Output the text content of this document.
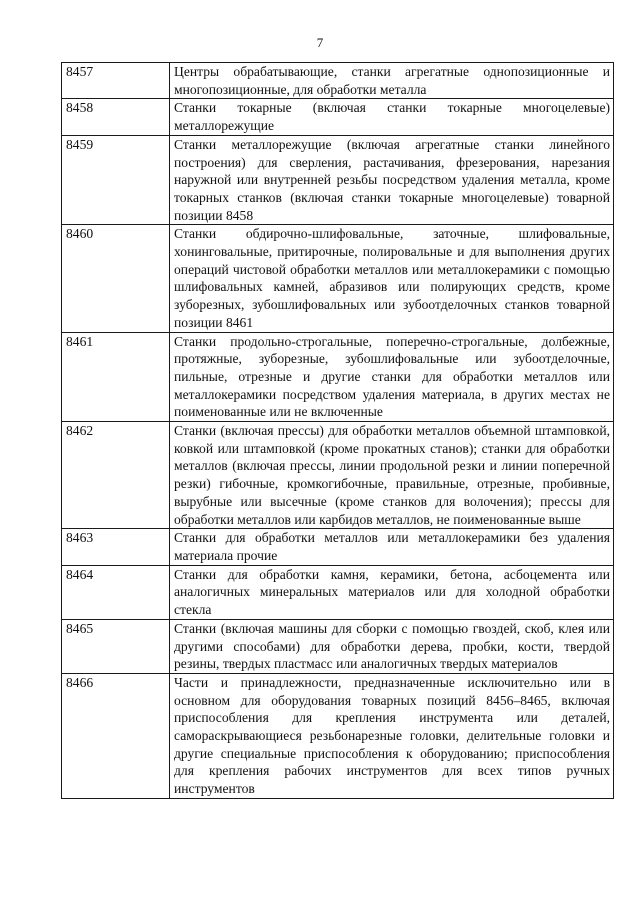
7
8457	Центры обрабатывающие, станки агрегатные однопозиционные и многопозиционные, для обработки металла
8458	Станки токарные (включая станки токарные многоцелевые) металлорежущие
8459	Станки металлорежущие (включая агрегатные станки линейного построения) для сверления, растачивания, фрезерования, нарезания наружной или внутренней резьбы посредством удаления металла, кроме токарных станков (включая станки токарные многоцелевые) товарной позиции 8458
8460	Станки обдирочно-шлифовальные, заточные, шлифовальные, хонинговальные, притирочные, полировальные и для выполнения других операций чистовой обработки металлов или металлокерамики с помощью шлифовальных камней, абразивов или полирующих средств, кроме зуборезных, зубошлифовальных или зубоотделочных станков товарной позиции 8461
8461	Станки продольно-строгальные, поперечно-строгальные, долбежные, протяжные, зуборезные, зубошлифовальные или зубоотделочные, пильные, отрезные и другие станки для обработки металлов или металлокерамики посредством удаления материала, в других местах не поименованные или не включенные
8462	Станки (включая прессы) для обработки металлов объемной штамповкой, ковкой или штамповкой (кроме прокатных станов); станки для обработки металлов (включая прессы, линии продольной резки и линии поперечной резки) гибочные, кромкогибочные, правильные, отрезные, пробивные, вырубные или высечные (кроме станков для волочения); прессы для обработки металлов или карбидов металлов, не поименованные выше
8463	Станки для обработки металлов или металлокерамики без удаления материала прочие
8464	Станки для обработки камня, керамики, бетона, асбоцемента или аналогичных минеральных материалов или для холодной обработки стекла
8465	Станки (включая машины для сборки с помощью гвоздей, скоб, клея или другими способами) для обработки дерева, пробки, кости, твердой резины, твердых пластмасс или аналогичных твердых материалов
8466	Части и принадлежности, предназначенные исключительно или в основном для оборудования товарных позиций 8456–8465, включая приспособления для крепления инструмента или деталей, самораскрывающиеся резьбонарезные головки, делительные головки и другие специальные приспособления к оборудованию; приспособления для крепления рабочих инструментов для всех типов ручных инструментов
